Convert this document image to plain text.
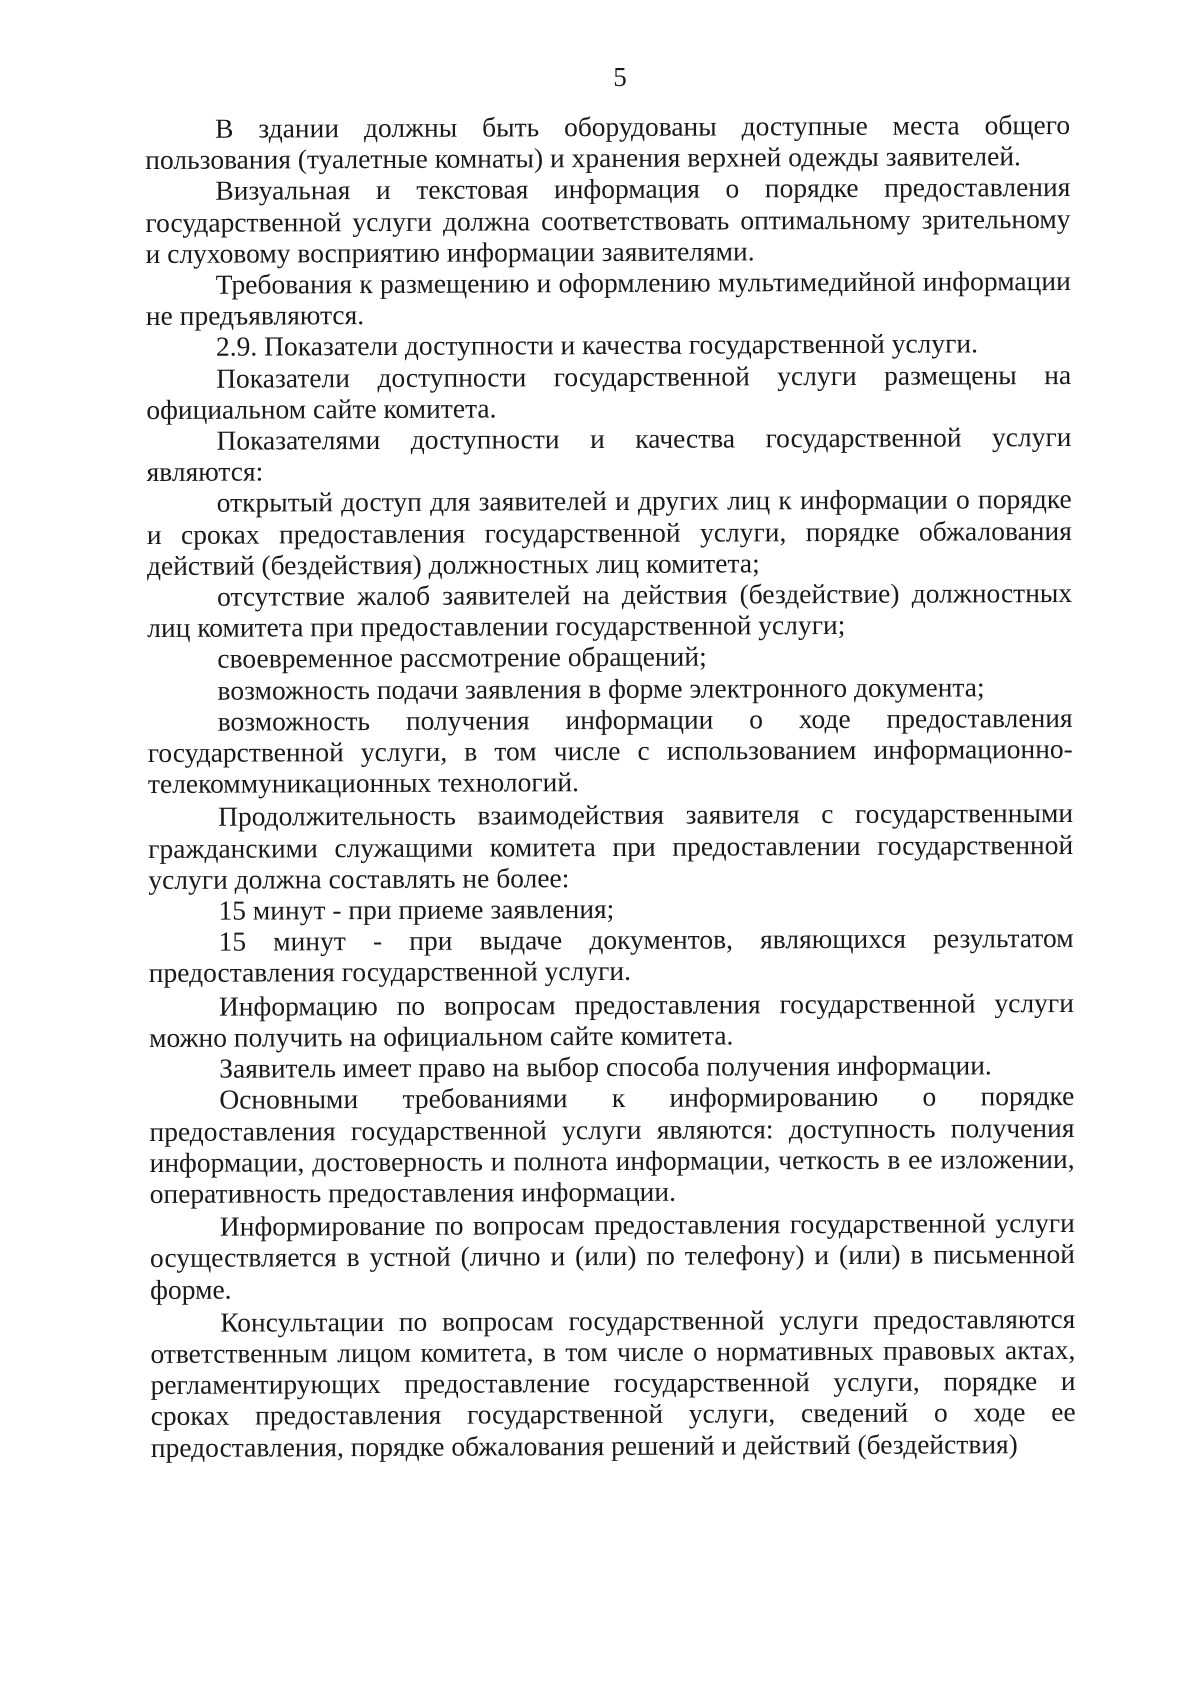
5

В здании должны быть оборудованы доступные места общего пользования (туалетные комнаты) и хранения верхней одежды заявителей.

Визуальная и текстовая информация о порядке предоставления государственной услуги должна соответствовать оптимальному зрительному и слуховому восприятию информации заявителями.

Требования к размещению и оформлению мультимедийной информации не предъявляются.

2.9. Показатели доступности и качества государственной услуги.

Показатели доступности государственной услуги размещены на официальном сайте комитета.

Показателями доступности и качества государственной услуги являются:

открытый доступ для заявителей и других лиц к информации о порядке и сроках предоставления государственной услуги, порядке обжалования действий (бездействия) должностных лиц комитета;

отсутствие жалоб заявителей на действия (бездействие) должностных лиц комитета при предоставлении государственной услуги;

своевременное рассмотрение обращений;

возможность подачи заявления в форме электронного документа;

возможность получения информации о ходе предоставления государственной услуги, в том числе с использованием информационно-телекоммуникационных технологий.

Продолжительность взаимодействия заявителя с государственными гражданскими служащими комитета при предоставлении государственной услуги должна составлять не более:

15 минут - при приеме заявления;

15 минут - при выдаче документов, являющихся результатом предоставления государственной услуги.

Информацию по вопросам предоставления государственной услуги можно получить на официальном сайте комитета.

Заявитель имеет право на выбор способа получения информации.

Основными требованиями к информированию о порядке предоставления государственной услуги являются: доступность получения информации, достоверность и полнота информации, четкость в ее изложении, оперативность предоставления информации.

Информирование по вопросам предоставления государственной услуги осуществляется в устной (лично и (или) по телефону) и (или) в письменной форме.

Консультации по вопросам государственной услуги предоставляются ответственным лицом комитета, в том числе о нормативных правовых актах, регламентирующих предоставление государственной услуги, порядке и сроках предоставления государственной услуги, сведений о ходе ее предоставления, порядке обжалования решений и действий (бездействия)
